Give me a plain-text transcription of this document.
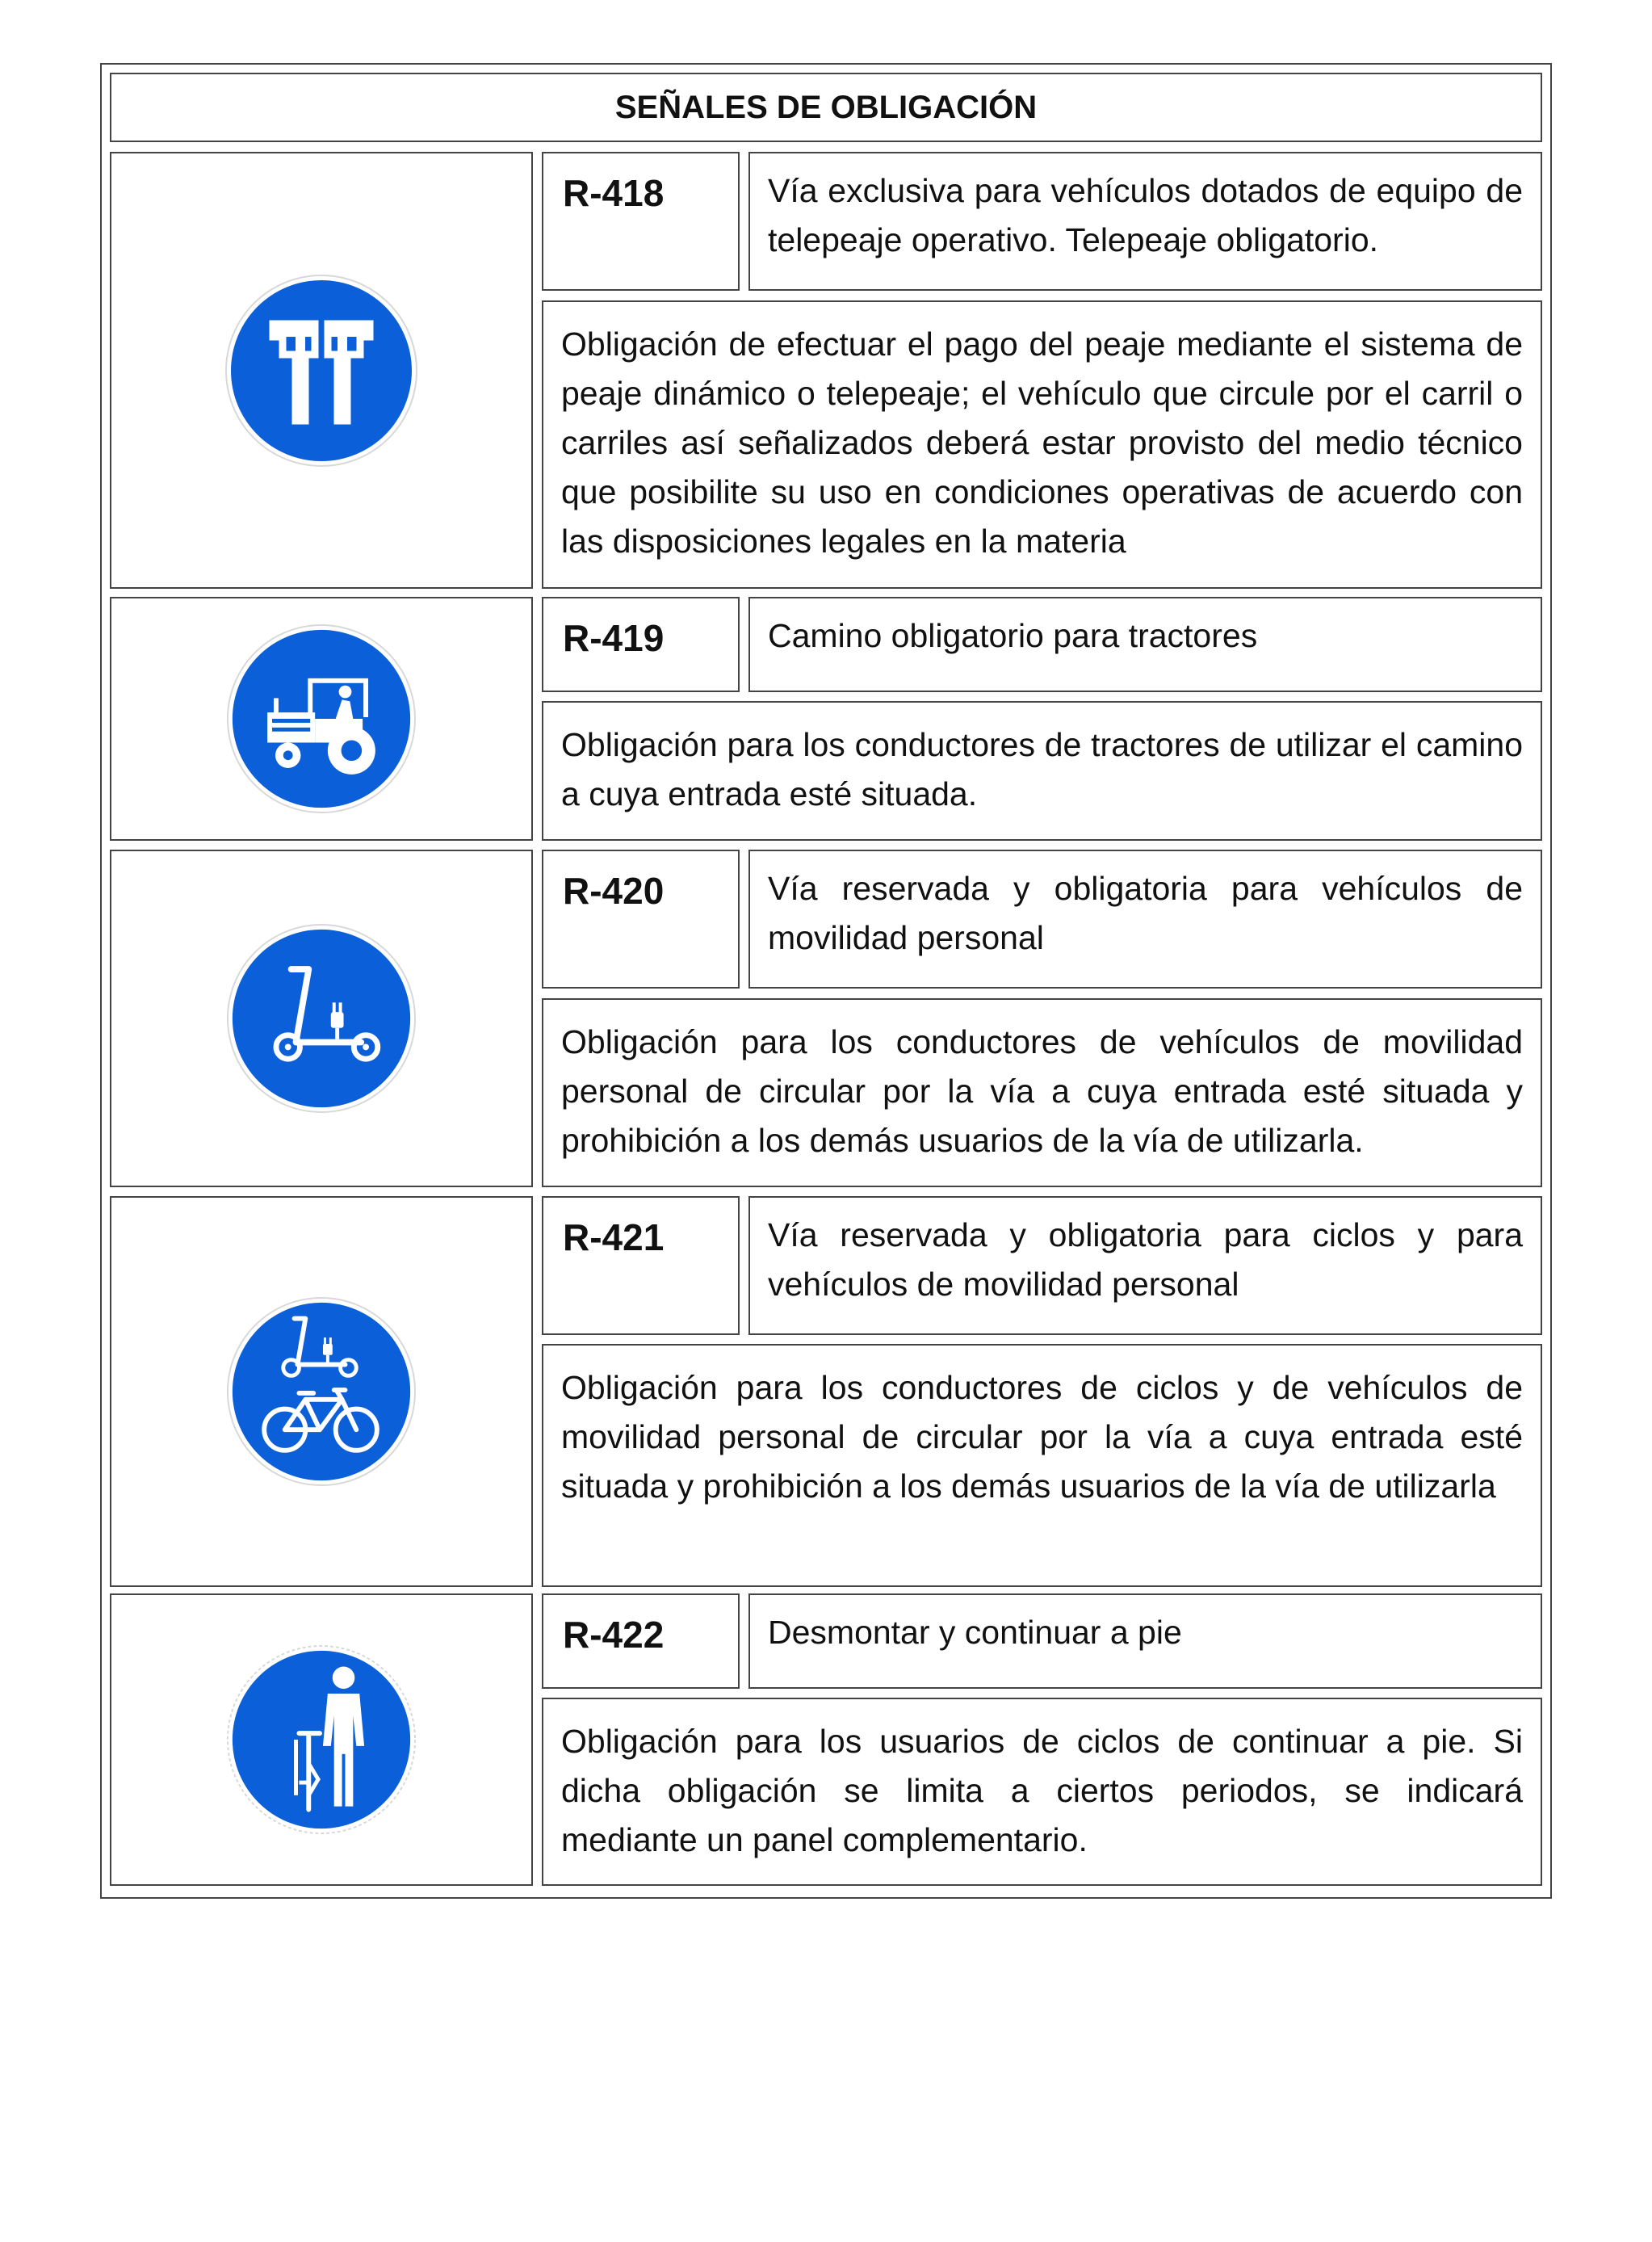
SEÑALES DE OBLIGACIÓN
R-418	Vía exclusiva para vehículos dotados de equipo de telepeaje operativo. Telepeaje obligatorio.
Obligación de efectuar el pago del peaje mediante el sistema de peaje dinámico o telepeaje; el vehículo que circule por el carril o carriles así señalizados deberá estar provisto del medio técnico que posibilite su uso en condiciones operativas de acuerdo con las disposiciones legales en la materia
R-419	Camino obligatorio para tractores
Obligación para los conductores de tractores de utilizar el camino a cuya entrada esté situada.
R-420	Vía reservada y obligatoria para vehículos de movilidad personal
Obligación para los conductores de vehículos de movilidad personal de circular por la vía a cuya entrada esté situada y prohibición a los demás usuarios de la vía de utilizarla.
R-421	Vía reservada y obligatoria para ciclos y para vehículos de movilidad personal
Obligación para los conductores de ciclos y de vehículos de movilidad personal de circular por la vía a cuya entrada esté situada y prohibición a los demás usuarios de la vía de utilizarla
R-422	Desmontar y continuar a pie
Obligación para los usuarios de ciclos de continuar a pie. Si dicha obligación se limita a ciertos periodos, se indicará mediante un panel complementario.
